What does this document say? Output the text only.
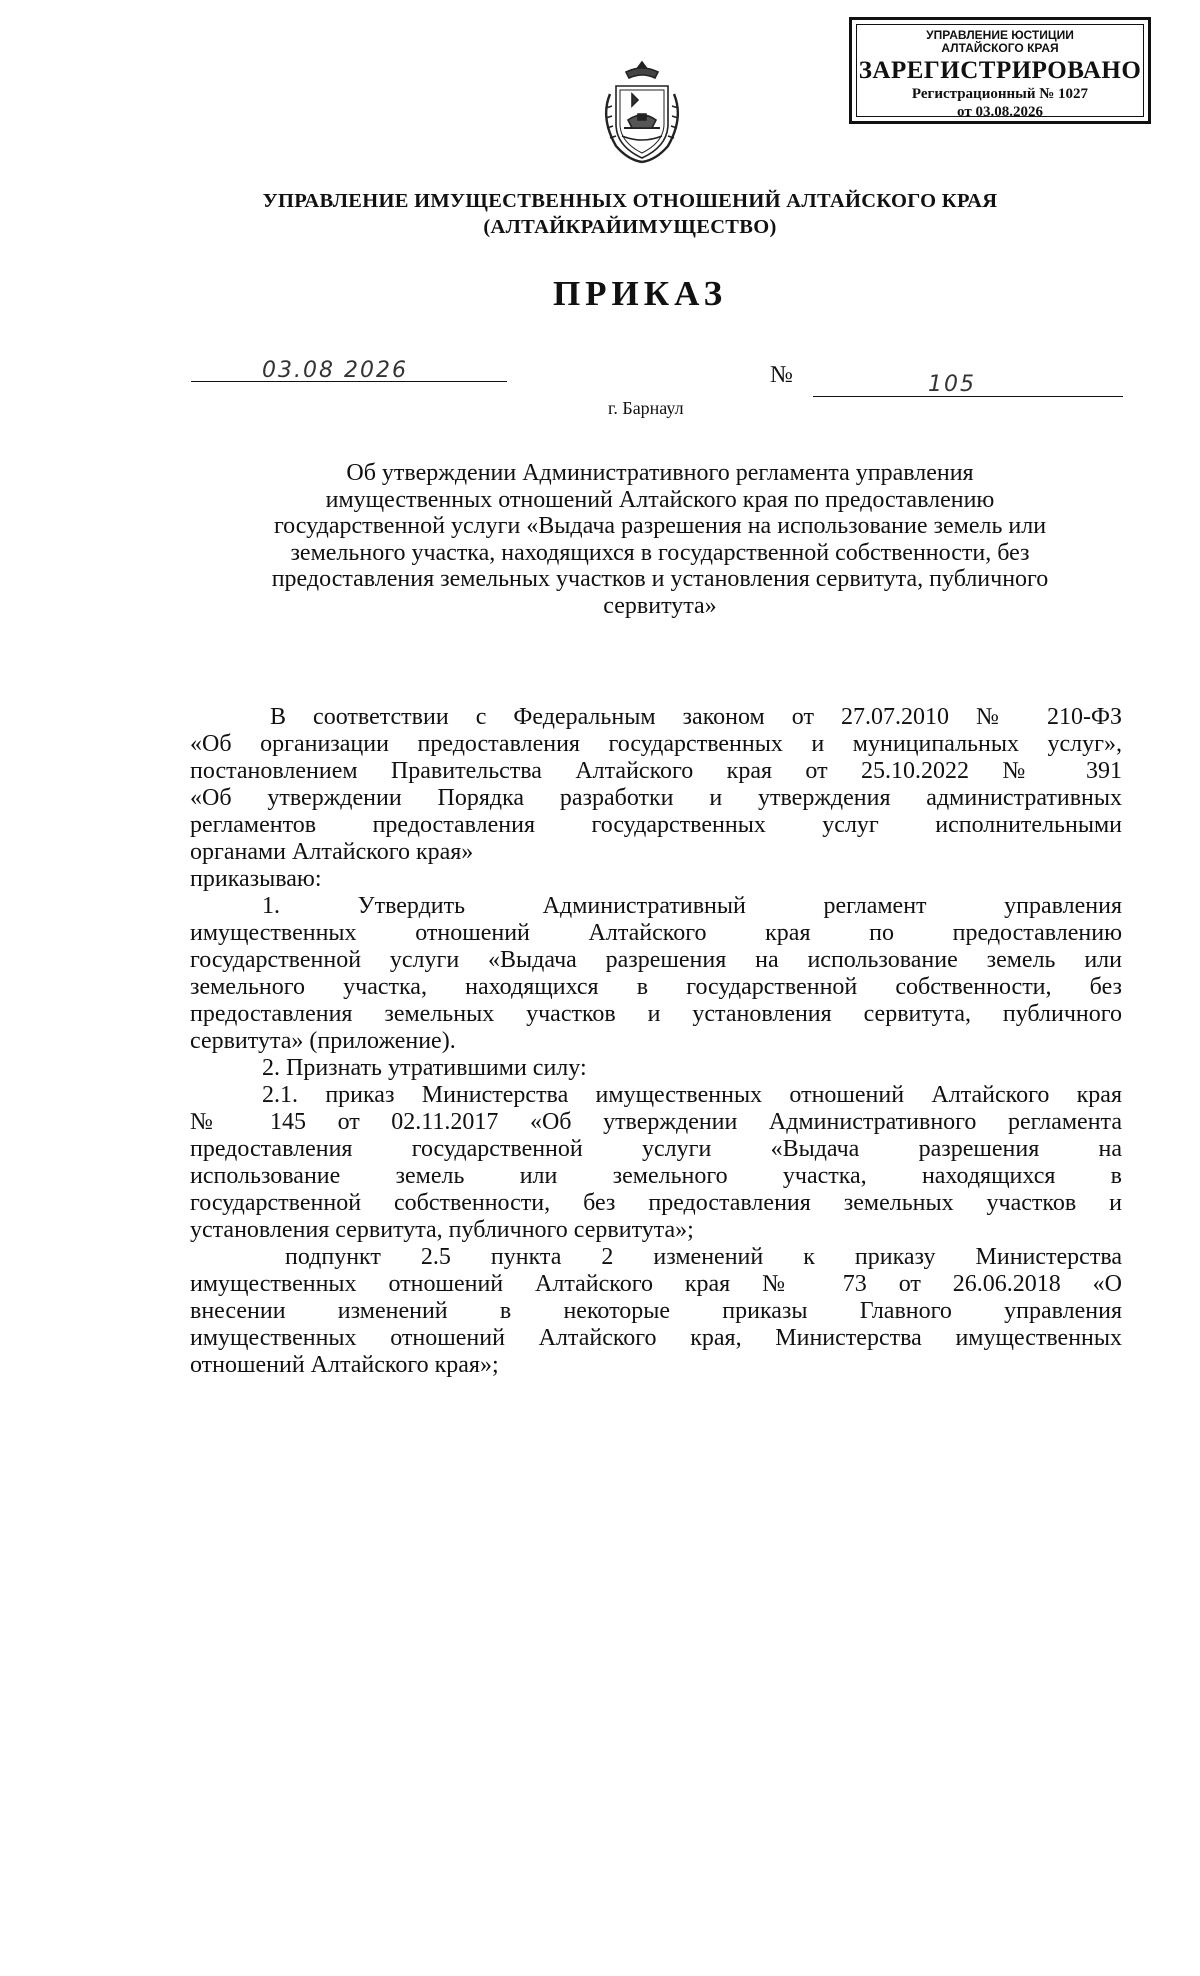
УПРАВЛЕНИЕ ЮСТИЦИИ
АЛТАЙСКОГО КРАЯ
ЗАРЕГИСТРИРОВАНО
Регистрационный № 1027
от 03.08.2026
УПРАВЛЕНИЕ ИМУЩЕСТВЕННЫХ ОТНОШЕНИЙ АЛТАЙСКОГО КРАЯ
(АЛТАЙКРАЙИМУЩЕСТВО)
ПРИКАЗ
03.08 2026	№	105
г. Барнаул
Об утверждении Административного регламента управления
имущественных отношений Алтайского края по предоставлению
государственной услуги «Выдача разрешения на использование земель или
земельного участка, находящихся в государственной собственности, без
предоставления земельных участков и установления сервитута, публичного
сервитута»
В соответствии с Федеральным законом от 27.07.2010 № 210-ФЗ
«Об организации предоставления государственных и муниципальных услуг»,
постановлением Правительства Алтайского края от 25.10.2022 № 391
«Об утверждении Порядка разработки и утверждения административных
регламентов предоставления государственных услуг исполнительными
органами Алтайского края»
приказываю:
1. Утвердить Административный регламент управления
имущественных отношений Алтайского края по предоставлению
государственной услуги «Выдача разрешения на использование земель или
земельного участка, находящихся в государственной собственности, без
предоставления земельных участков и установления сервитута, публичного
сервитута» (приложение).
2. Признать утратившими силу:
2.1. приказ Министерства имущественных отношений Алтайского края
№ 145 от 02.11.2017 «Об утверждении Административного регламента
предоставления государственной услуги «Выдача разрешения на
использование земель или земельного участка, находящихся в
государственной собственности, без предоставления земельных участков и
установления сервитута, публичного сервитута»;
подпункт 2.5 пункта 2 изменений к приказу Министерства
имущественных отношений Алтайского края № 73 от 26.06.2018 «О
внесении изменений в некоторые приказы Главного управления
имущественных отношений Алтайского края, Министерства имущественных
отношений Алтайского края»;
